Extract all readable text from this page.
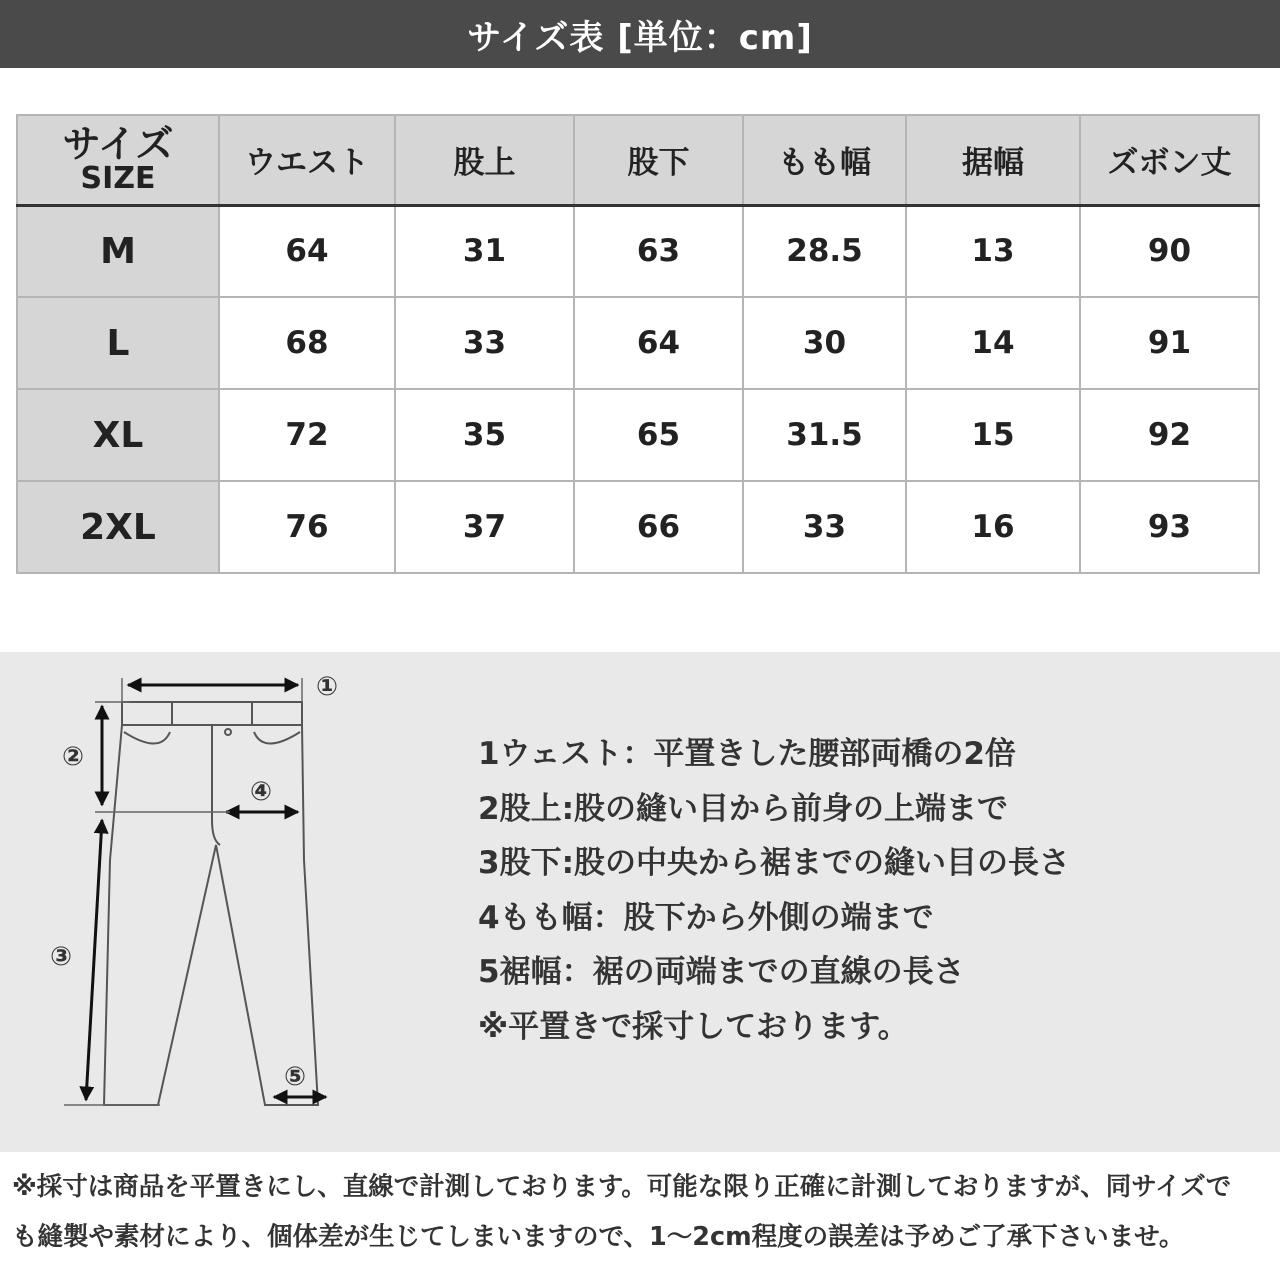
サイズ表 [単位：cm]
サイズ
SIZE	ウエスト	股上	股下	もも幅	据幅	ズボン丈
M	64	31	63	28.5	13	90
L	68	33	64	30	14	91
XL	72	35	65	31.5	15	92
2XL	76	37	66	33	16	93
①
②
③
④
⑤
1ウェスト：平置きした腰部両橋の2倍
2股上:股の縫い目から前身の上端まで
3股下:股の中央から裾までの縫い目の長さ
4もも幅：股下から外側の端まで
5裾幅：裾の両端までの直線の長さ
※平置きで採寸しております。

※採寸は商品を平置きにし、直線で計測しております。可能な限り正確に計測しておりますが、同サイズで

も縫製や素材により、個体差が生じてしまいますので、1〜2cm程度の誤差は予めご了承下さいませ。
